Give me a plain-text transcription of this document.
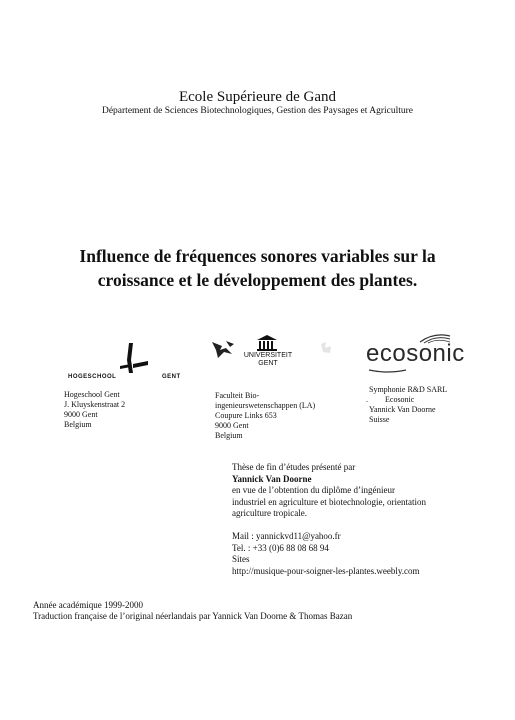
Ecole Supérieure de Gand
Département de Sciences Biotechnologiques, Gestion des Paysages et Agriculture
Influence de fréquences sonores variables sur la
croissance et le développement des plantes.
HOGESCHOOL	GENT
UNIVERSITEIT
GENT	ecosonic
Hogeschool Gent
J. Kluyskenstraat 2
9000 Gent
Belgium
Faculteit Bio-
ingenieurswetenschappen (LA)
Coupure Links 653
9000 Gent
Belgium
Symphonie R&D SARL
. Ecosonic
Yannick Van Doorne
Suisse
Thèse de fin d’études présenté par
Yannick Van Doorne
en vue de l’obtention du diplôme d’ingénieur
industriel en agriculture et biotechnologie, orientation
agriculture tropicale.
Mail : yannickvd11@yahoo.fr
Tel. : +33 (0)6 88 08 68 94
Sites
http://musique-pour-soigner-les-plantes.weebly.com
Année académique 1999-2000
Traduction française de l’original néerlandais par Yannick Van Doorne & Thomas Bazan
